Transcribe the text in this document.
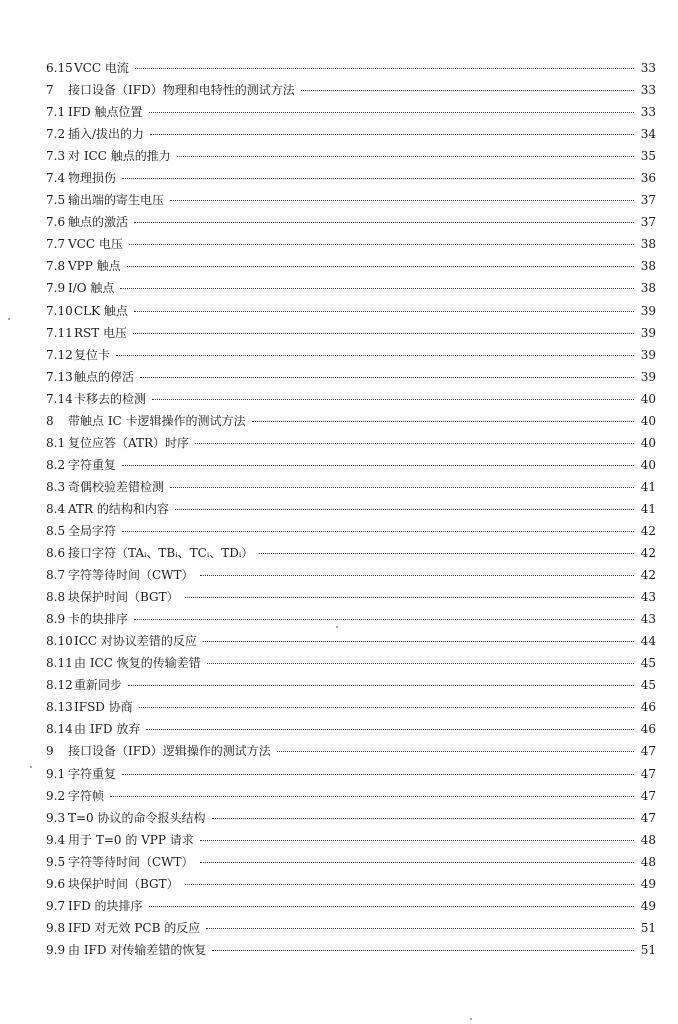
6.15 VCC 电流	33
7	接口设备（IFD）物理和电特性的测试方法	33
7.1 IFD 触点位置	33
7.2 插入/拔出的力	34
7.3 对 ICC 触点的推力	35
7.4 物理损伤	36
7.5 输出端的寄生电压	37
7.6 触点的激活	37
7.7 VCC 电压	38
7.8 VPP 触点	38
7.9 I/O 触点	38
7.10 CLK 触点	39
7.11 RST 电压	39
7.12 复位卡	39
7.13 触点的停活	39
7.14 卡移去的检测	40
8	带触点 IC 卡逻辑操作的测试方法	40
8.1 复位应答（ATR）时序	40
8.2 字符重复	40
8.3 奇偶校验差错检测	41
8.4 ATR 的结构和内容	41
8.5 全局字符	42
8.6 接口字符（TAᵢ、TBᵢ、TCᵢ、TDᵢ）	42
8.7 字符等待时间（CWT）	42
8.8 块保护时间（BGT）	43
8.9 卡的块排序	43
8.10 ICC 对协议差错的反应	44
8.11 由 ICC 恢复的传输差错	45
8.12 重新同步	45
8.13 IFSD 协商	46
8.14 由 IFD 放弃	46
9	接口设备（IFD）逻辑操作的测试方法	47
9.1 字符重复	47
9.2 字符帧	47
9.3 T=0 协议的命令报头结构	47
9.4 用于 T=0 的 VPP 请求	48
9.5 字符等待时间（CWT）	48
9.6 块保护时间（BGT）	49
9.7 IFD 的块排序	49
9.8 IFD 对无效 PCB 的反应	51
9.9 由 IFD 对传输差错的恢复	51
